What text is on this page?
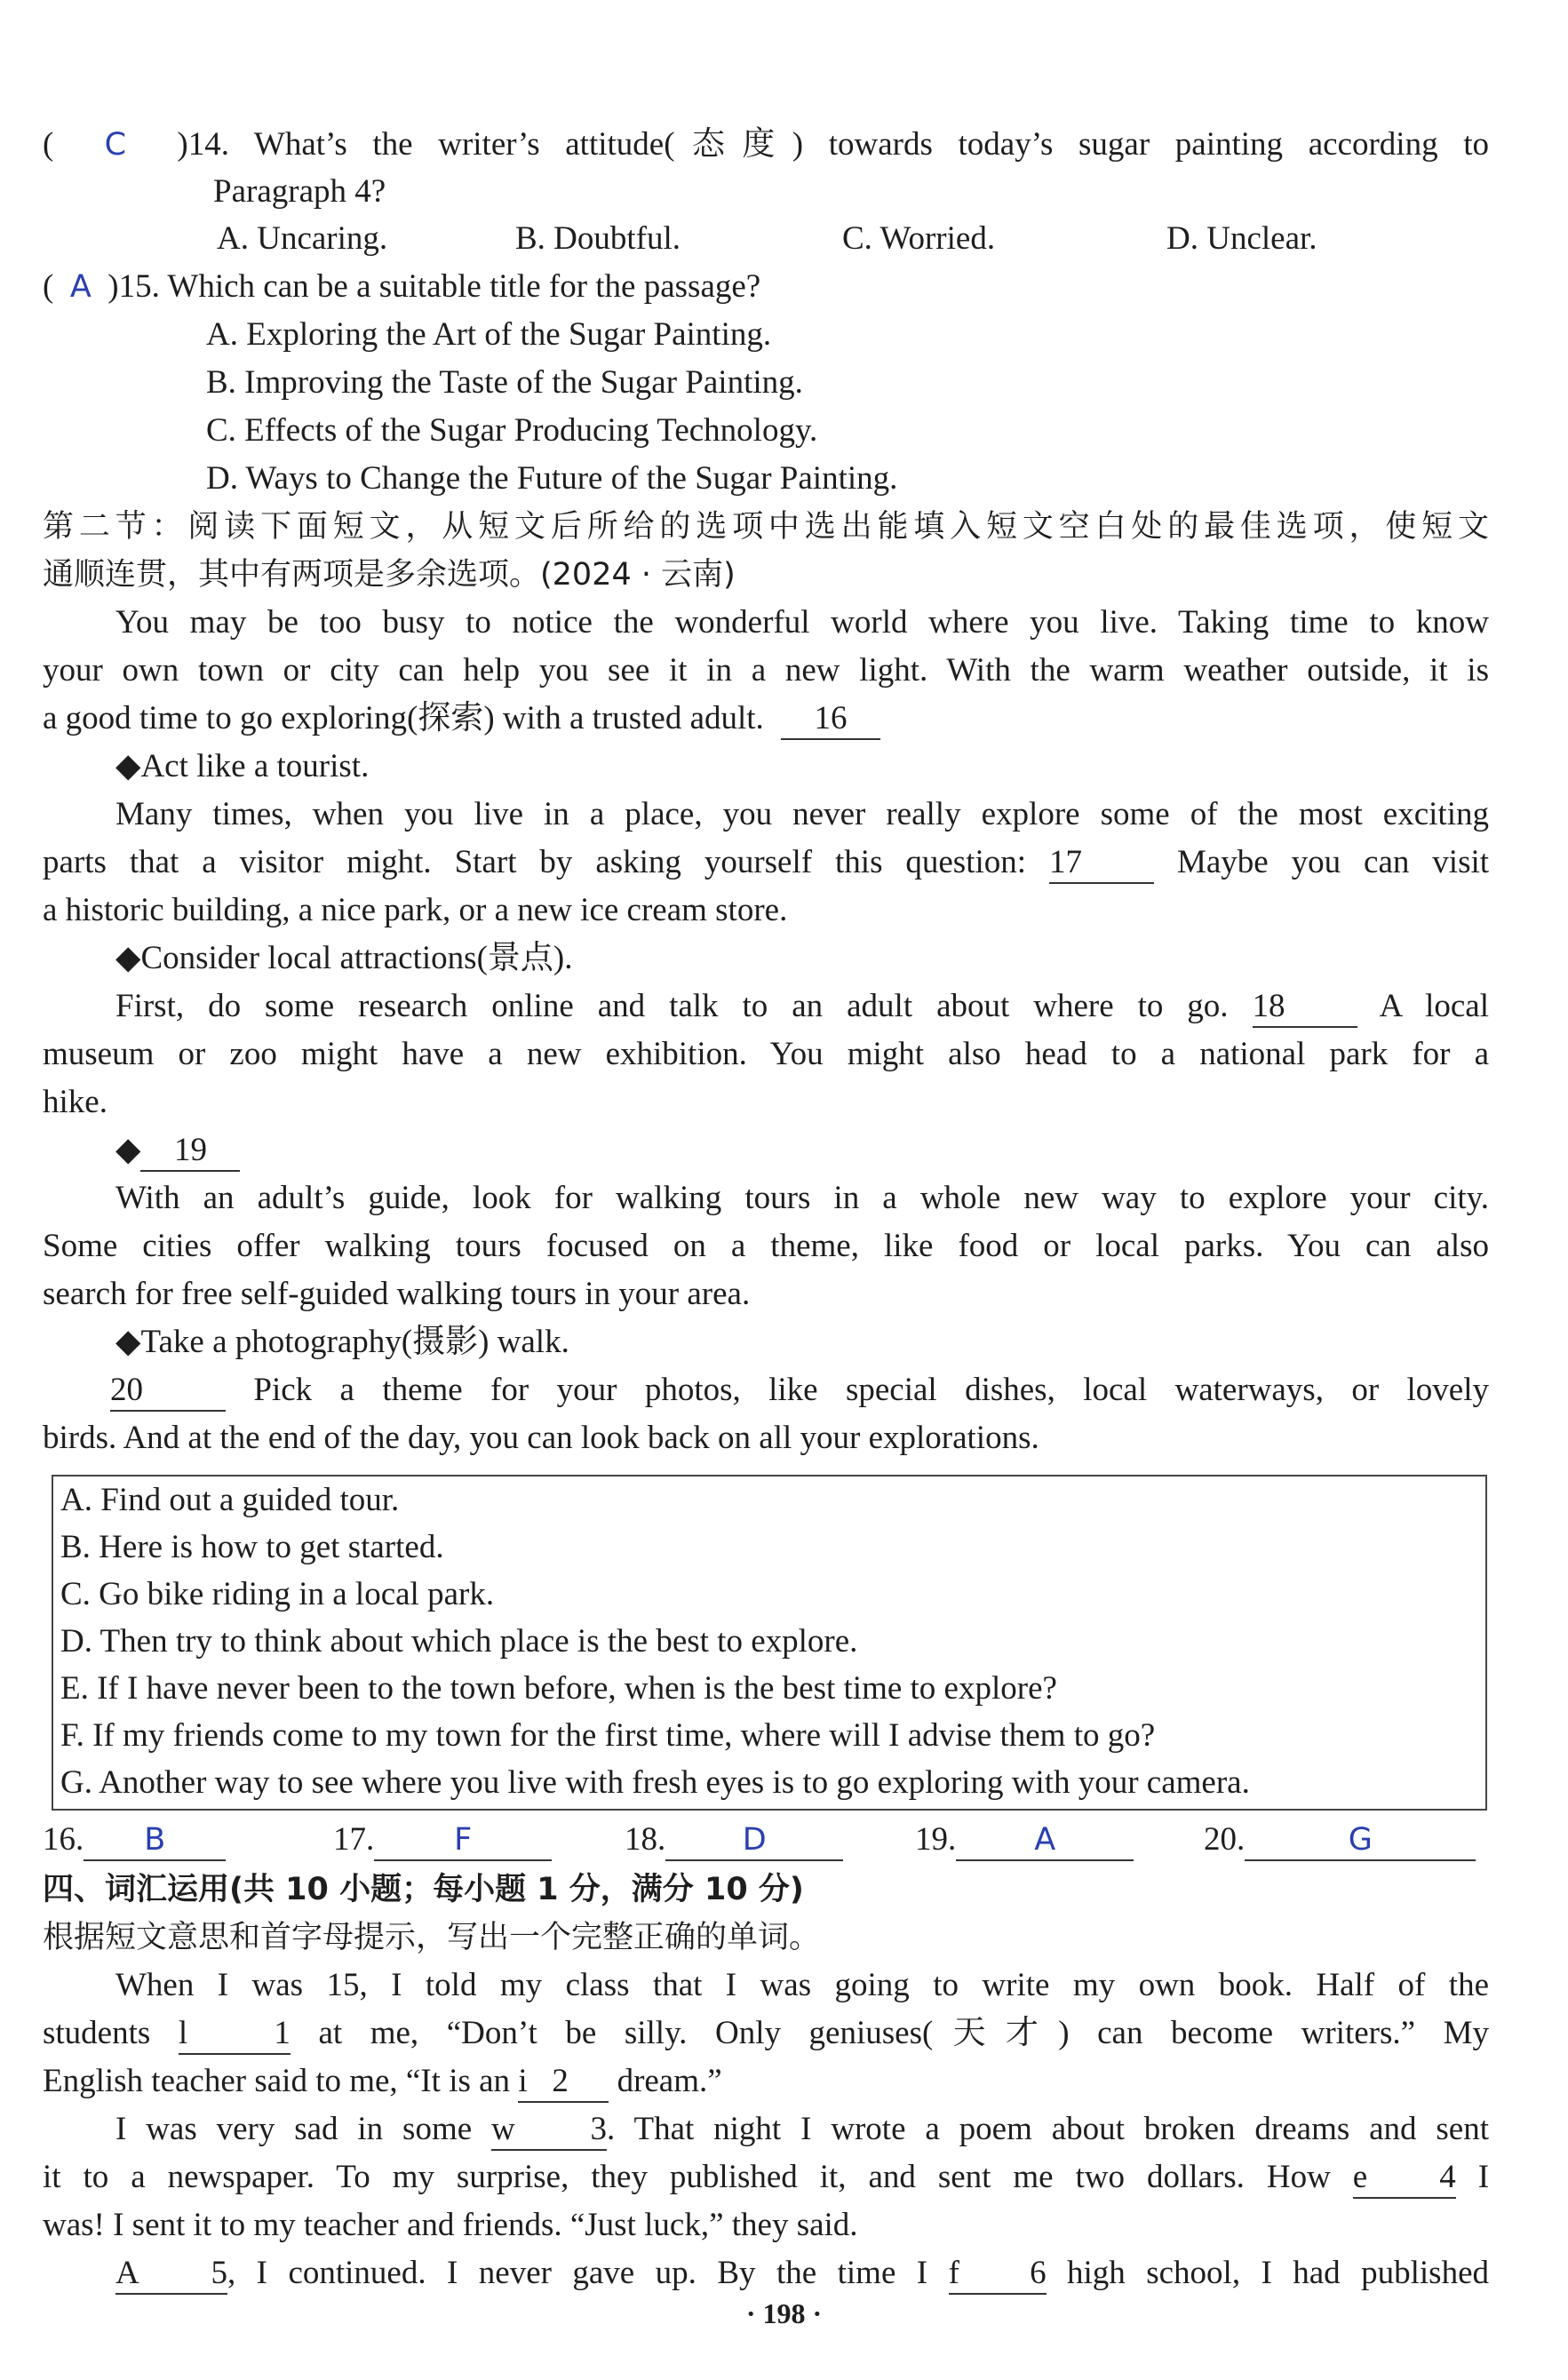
(  C )14. What’s the writer’s attitude(态度) towards today’s sugar painting according to
Paragraph 4?
A. Uncaring.	B. Doubtful.	C. Worried.	D. Unclear.
(  A )15. Which can be a suitable title for the passage?
A. Exploring the Art of the Sugar Painting.
B. Improving the Taste of the Sugar Painting.
C. Effects of the Sugar Producing Technology.
D. Ways to Change the Future of the Sugar Painting.
第二节：阅读下面短文，从短文后所给的选项中选出能填入短文空白处的最佳选项，使短文
通顺连贯，其中有两项是多余选项。(2024 · 云南)
You may be too busy to notice the wonderful world where you live. Taking time to know
your own town or city can help you see it in a new light. With the warm weather outside, it is
a good time to go exploring(探索) with a trusted adult. 16
◆Act like a tourist.
Many times, when you live in a place, you never really explore some of the most exciting
parts that a visitor might. Start by asking yourself this question: 17	Maybe you can visit
a historic building, a nice park, or a new ice cream store.
◆Consider local attractions(景点).
First, do some research online and talk to an adult about where to go. 18	A local
museum or zoo might have a new exhibition. You might also head to a national park for a
hike.
◆ 19
With an adult’s guide, look for walking tours in a whole new way to explore your city.
Some cities offer walking tours focused on a theme, like food or local parks. You can also
search for free self-guided walking tours in your area.
◆Take a photography(摄影) walk.
20	Pick a theme for your photos, like special dishes, local waterways, or lovely
birds. And at the end of the day, you can look back on all your explorations.
A. Find out a guided tour.
B. Here is how to get started.
C. Go bike riding in a local park.
D. Then try to think about which place is the best to explore.
E. If I have never been to the town before, when is the best time to explore?
F. If my friends come to my town for the first time, where will I advise them to go?
G. Another way to see where you live with fresh eyes is to go exploring with your camera.
16. B	17.	F	18. D	19.	A	20.	G
四、词汇运用(共 10 小题；每小题 1 分，满分 10 分)
根据短文意思和首字母提示，写出一个完整正确的单词。
When I was 15, I told my class that I was going to write my own book. Half of the
students l	1 at me, “Don’t be silly. Only geniuses(天才) can become writers.” My
English teacher said to me, “It is an i 2 dream.”
I was very sad in some w 3. That night I wrote a poem about broken dreams and sent
it to a newspaper. To my surprise, they published it, and sent me two dollars. How e 4 I
was! I sent it to my teacher and friends. “Just luck,” they said.
A 5, I continued. I never gave up. By the time I f 6 high school, I had published
· 198 ·
